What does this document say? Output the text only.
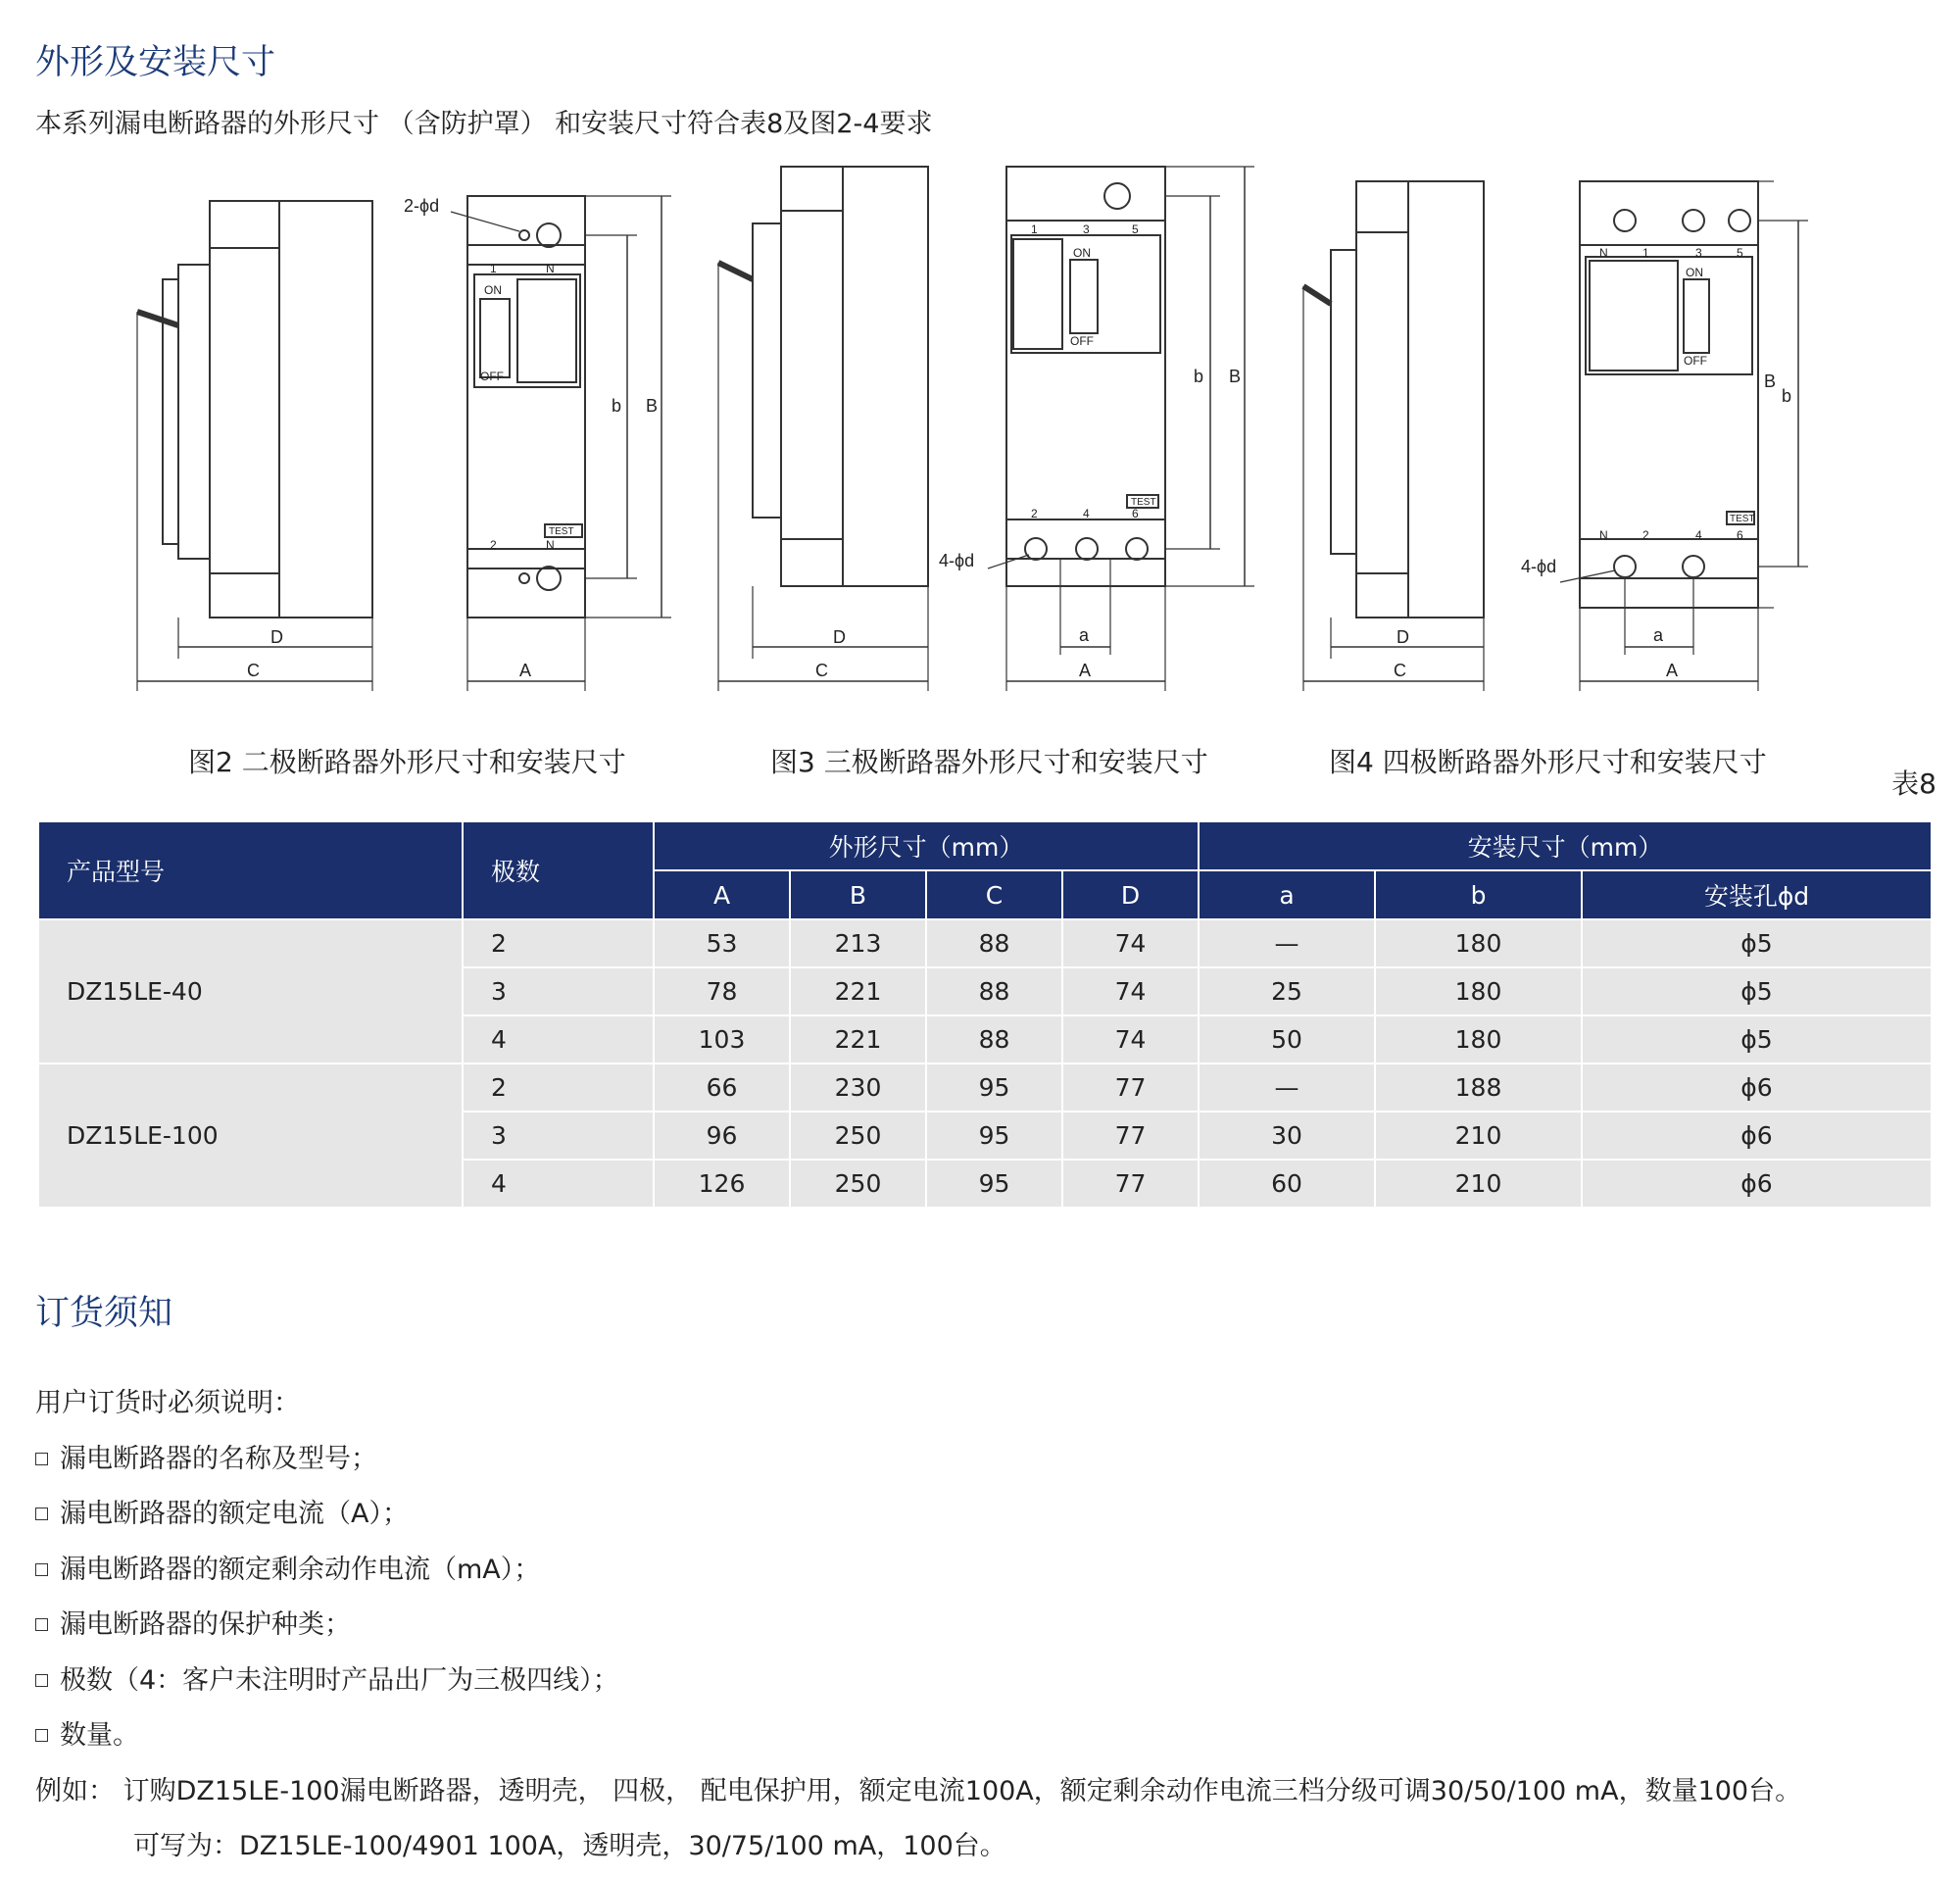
外形及安装尺寸
本系列漏电断路器的外形尺寸 （含防护罩） 和安装尺寸符合表8及图2-4要求
D
C
1	N
2	N
ON
OFF
TEST
2-ϕd
A
b B
D
C
1	3	5
2	4	6
ON
OFF
TEST
4-ϕd
a
A
b B
D
C
N	1	3	5
N	2	4	6
ON
OFF
TEST
4-ϕd
a
A
b
B
图2 二极断路器外形尺寸和安装尺寸	图3 三极断路器外形尺寸和安装尺寸	图4 四极断路器外形尺寸和安装尺寸
表8
产品型号	极数	外形尺寸（mm）				安装尺寸（mm）		
		A	B	C	D	a	b	安装孔ϕd
DZ15LE-40	2	53	213	88	74	—	180	ϕ5
	3	78	221	88	74	25	180	ϕ5
	4	103	221	88	74	50	180	ϕ5
DZ15LE-100	2	66	230	95	77	—	188	ϕ6
	3	96	250	95	77	30	210	ϕ6
	4	126	250	95	77	60	210	ϕ6
订货须知
用户订货时必须说明：
漏电断路器的名称及型号；
漏电断路器的额定电流（A）；
漏电断路器的额定剩余动作电流（mA）；
漏电断路器的保护种类；
极数（4：客户未注明时产品出厂为三极四线）；
数量。
例如： 订购DZ15LE-100漏电断路器，透明壳， 四极， 配电保护用，额定电流100A，额定剩余动作电流三档分级可调30/50/100 mA，数量100台。
可写为：DZ15LE-100/4901 100A，透明壳，30/75/100 mA，100台。
